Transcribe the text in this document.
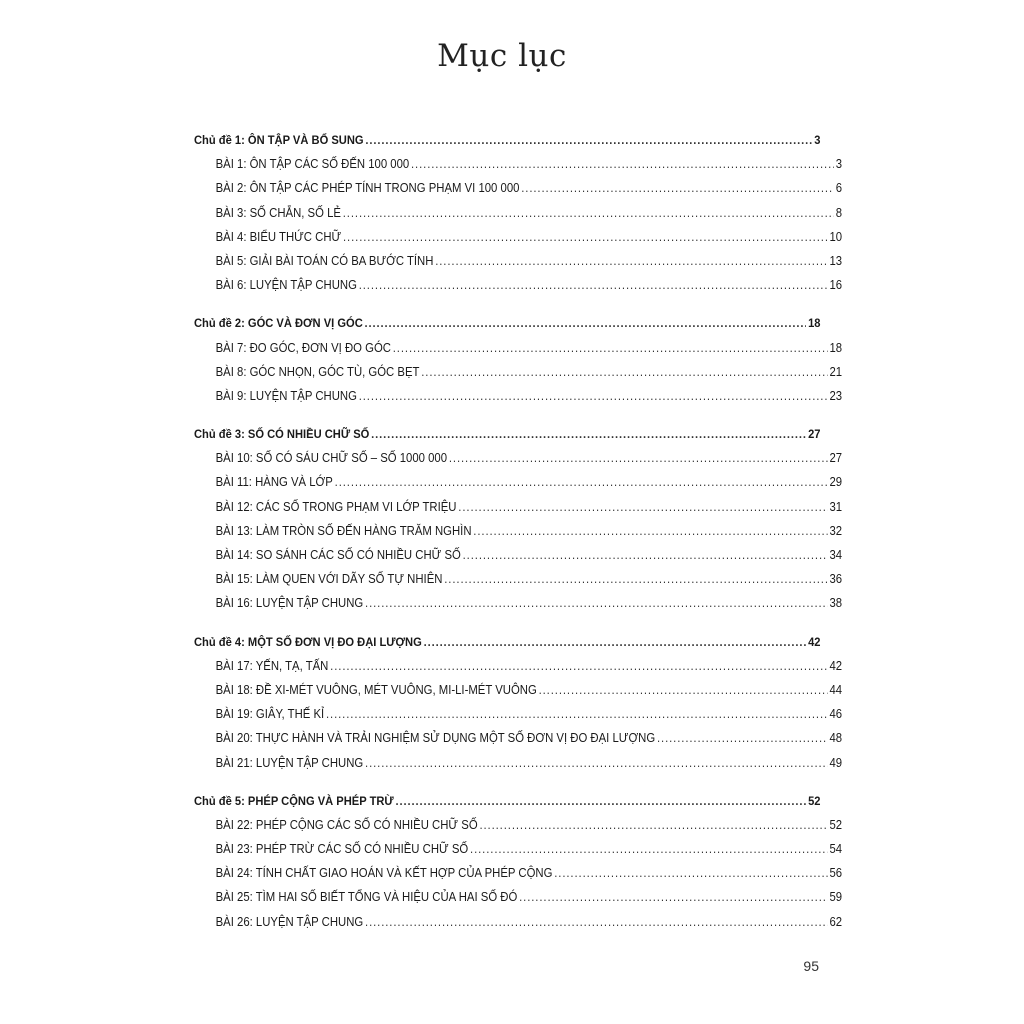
Mục lục
Chủ đề 1: ÔN TẬP VÀ BỔ SUNG .....	3
BÀI 1: ÔN TẬP CÁC SỐ ĐẾN 100 000 .....	3
BÀI 2: ÔN TẬP CÁC PHÉP TÍNH TRONG PHẠM VI 100 000 .....	6
BÀI 3: SỐ CHẴN, SỐ LẺ .....	8
BÀI 4: BIỂU THỨC CHỮ .....	10
BÀI 5: GIẢI BÀI TOÁN CÓ BA BƯỚC TÍNH .....	13
BÀI 6: LUYỆN TẬP CHUNG .....	16
Chủ đề 2: GÓC VÀ ĐƠN VỊ GÓC .....	18
BÀI 7: ĐO GÓC, ĐƠN VỊ ĐO GÓC .....	18
BÀI 8: GÓC NHỌN, GÓC TÙ, GÓC BẸT .....	21
BÀI 9: LUYỆN TẬP CHUNG .....	23
Chủ đề 3: SỐ CÓ NHIỀU CHỮ SỐ .....	27
BÀI 10: SỐ CÓ SÁU CHỮ SỐ – SỐ 1000 000 .....	27
BÀI 11: HÀNG VÀ LỚP .....	29
BÀI 12: CÁC SỐ TRONG PHẠM VI LỚP TRIỆU .....	31
BÀI 13: LÀM TRÒN SỐ ĐẾN HÀNG TRĂM NGHÌN .....	32
BÀI 14: SO SÁNH CÁC SỐ CÓ NHIỀU CHỮ SỐ .....	34
BÀI 15: LÀM QUEN VỚI DÃY SỐ TỰ NHIÊN .....	36
BÀI 16: LUYỆN TẬP CHUNG .....	38
Chủ đề 4: MỘT SỐ ĐƠN VỊ ĐO ĐẠI LƯỢNG .....	42
BÀI 17: YẾN, TẠ, TẤN .....	42
BÀI 18: ĐỀ XI-MÉT VUÔNG, MÉT VUÔNG, MI-LI-MÉT VUÔNG .....	44
BÀI 19: GIÂY, THẾ KỈ .....	46
BÀI 20: THỰC HÀNH VÀ TRẢI NGHIỆM SỬ DỤNG MỘT SỐ ĐƠN VỊ ĐO ĐẠI LƯỢNG .....	48
BÀI 21: LUYỆN TẬP CHUNG .....	49
Chủ đề 5: PHÉP CỘNG VÀ PHÉP TRỪ .....	52
BÀI 22: PHÉP CỘNG CÁC SỐ CÓ NHIỀU CHỮ SỐ .....	52
BÀI 23: PHÉP TRỪ CÁC SỐ CÓ NHIỀU CHỮ SỐ .....	54
BÀI 24: TÍNH CHẤT GIAO HOÁN VÀ KẾT HỢP CỦA PHÉP CỘNG .....	56
BÀI 25: TÌM HAI SỐ BIẾT TỔNG VÀ HIỆU CỦA HAI SỐ ĐÓ .....	59
BÀI 26: LUYỆN TẬP CHUNG .....	62
95
